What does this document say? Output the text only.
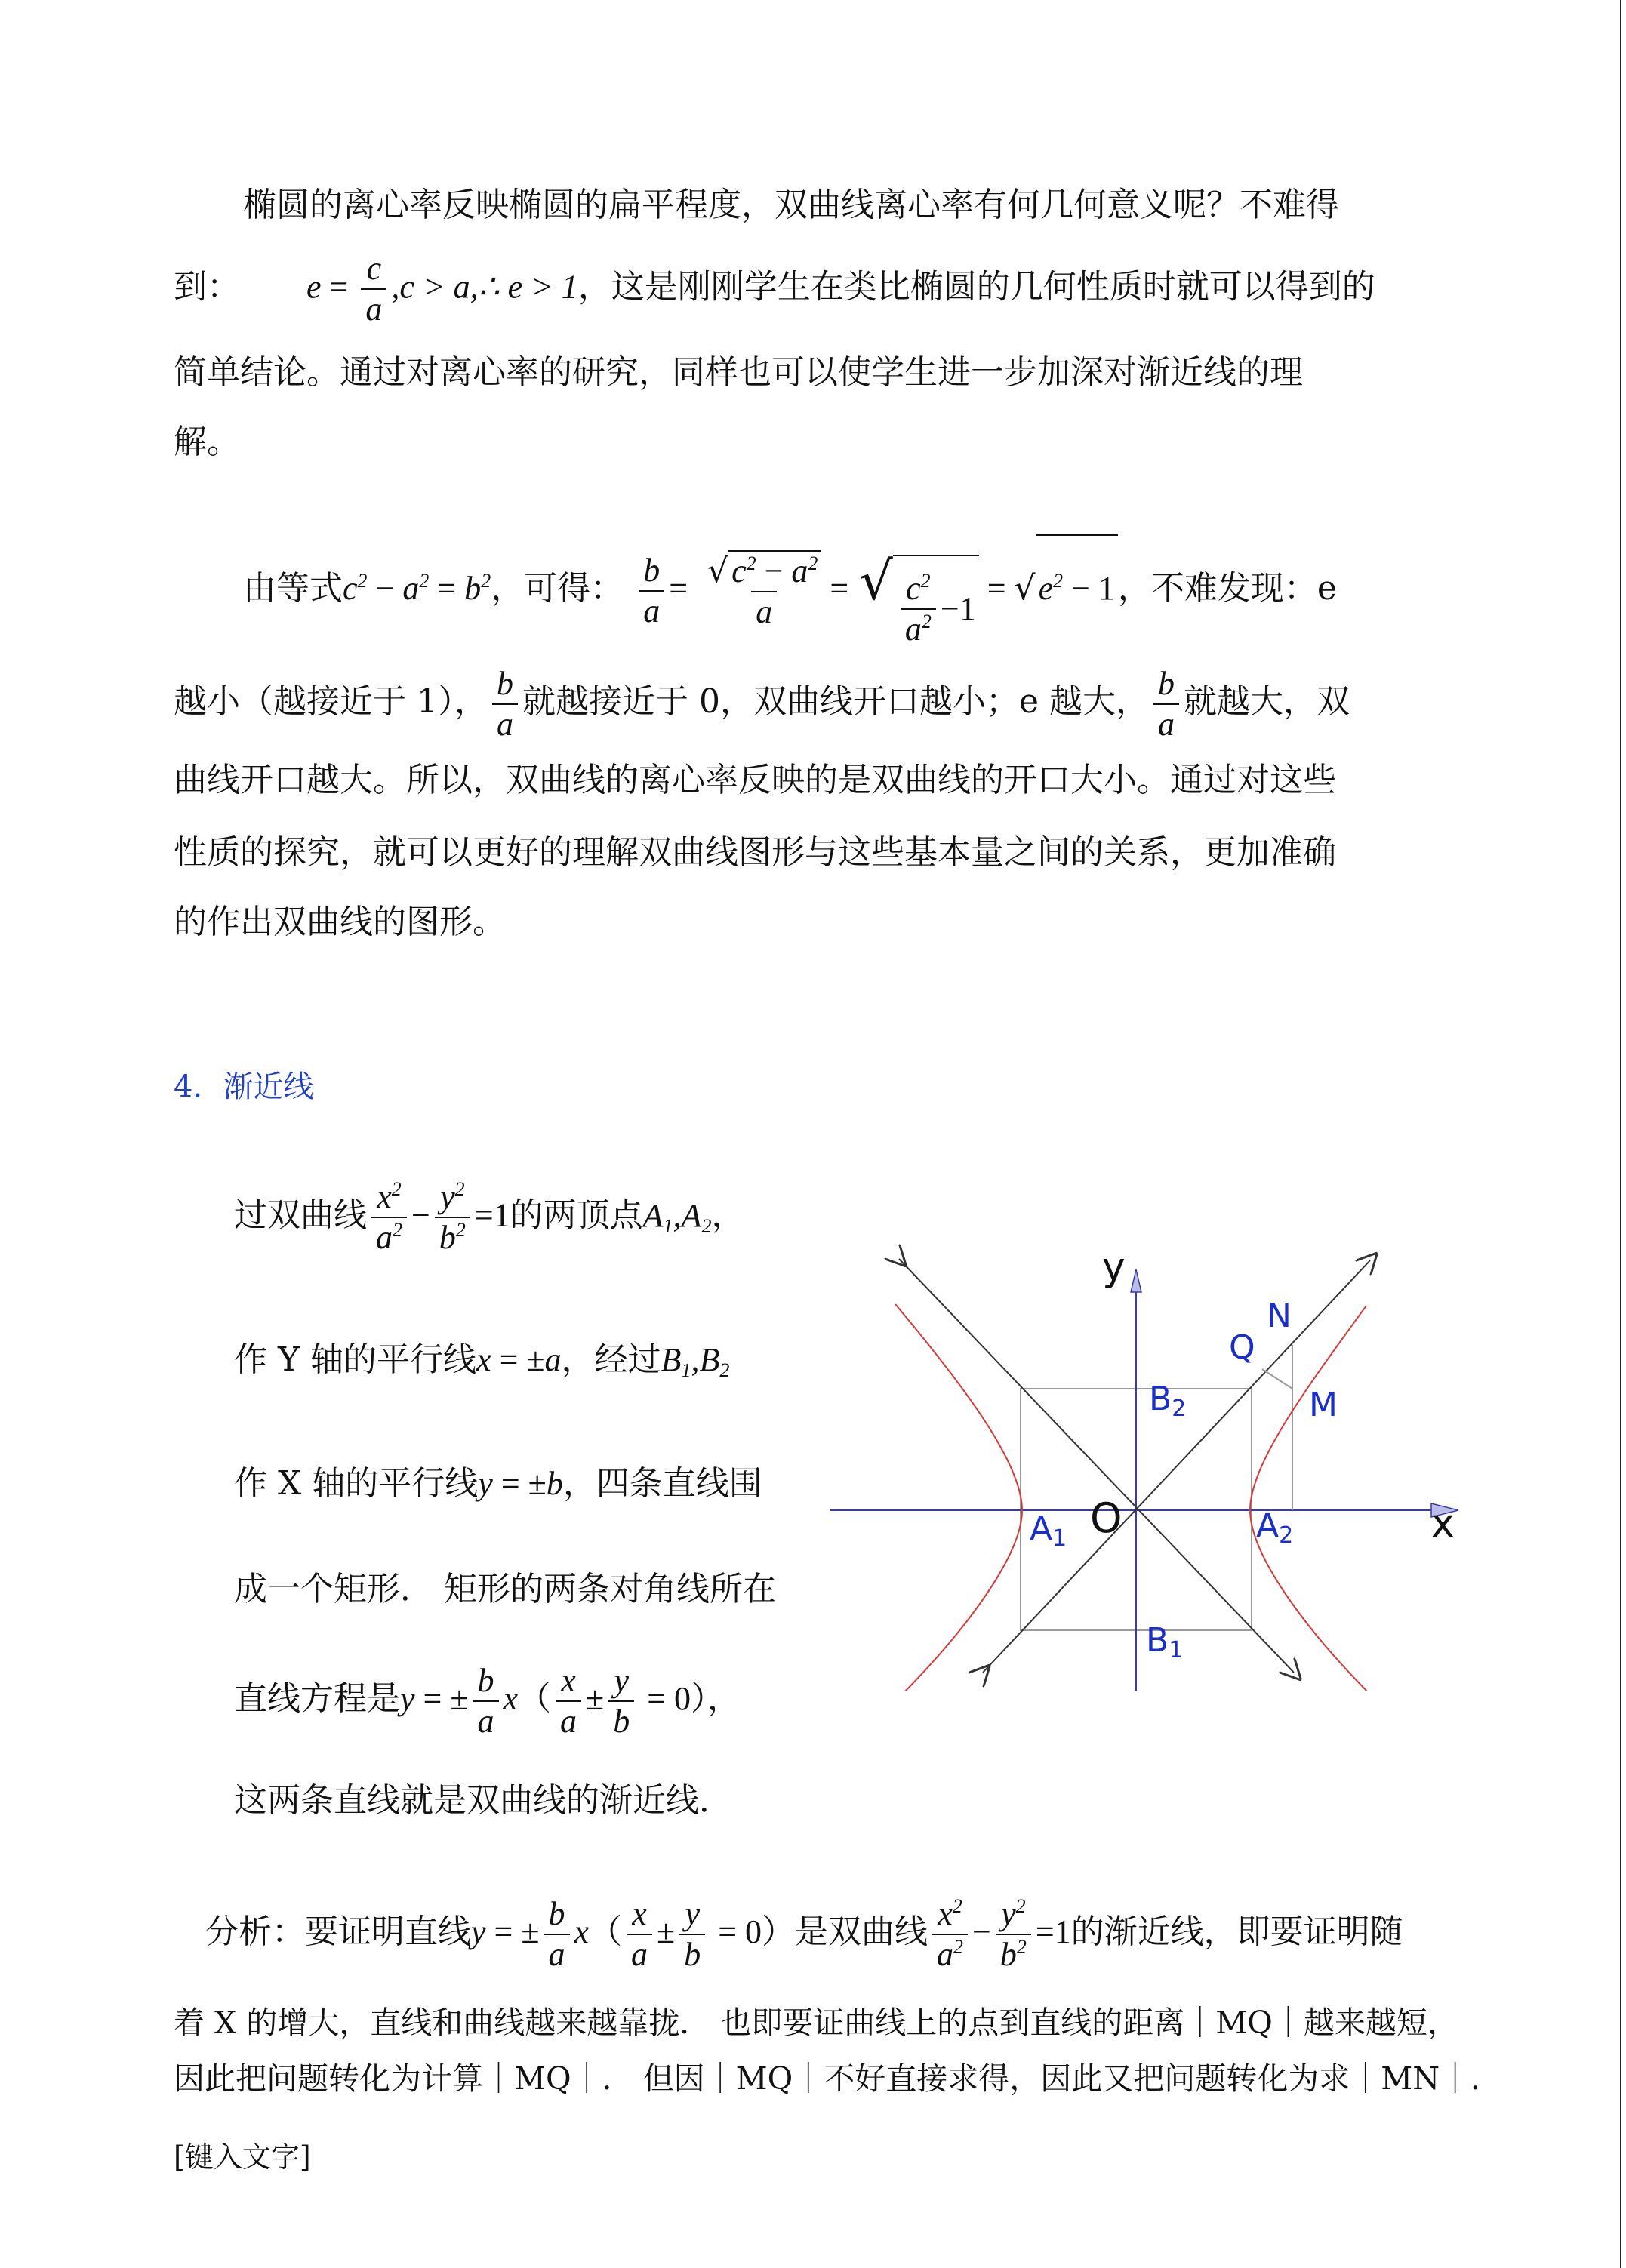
椭圆的离心率反映椭圆的扁平程度，双曲线离心率有何几何意义呢？不难得
到： $e = \frac{c}{a} ,c$ > a,∴ e > 1，这是刚刚学生在类比椭圆的几何性质时就可以得到的
简单结论。通过对离心率的研究，同样也可以使学生进一步加深对渐近线的理
解。
由等式$c^2 - a^2 = b^2$，可得： $\frac{b}{a} = \frac{√c^2 - a^2}{a}$ = √ $\frac{c^2}{a^2} - 1$
= $√e^2 - 1$，不难发现：e
越小（越接近于 1）， $\frac{b}{a}$ 就越接近于 0，双曲线开口越小；e 越大， $\frac{b}{a}$ 就越大，双
曲线开口越大。所以，双曲线的离心率反映的是双曲线的开口大小。通过对这些
性质的探究，就可以更好的理解双曲线图形与这些基本量之间的关系，更加准确
的作出双曲线的图形。
4．渐近线
过双曲线 $\frac{x^2}{a^2} - \frac{y^2}{b^2} =1$的两顶点$A_1,A_2$，
作 Y 轴的平行线x = ±a，经过$B_1,B_2$
作 X 轴的平行线y = ±b，四条直线围
成一个矩形． 矩形的两条对角线所在
直线方程是y = ± $\frac{b}{a} x( \frac{x}{a} \pm \frac{y}{b} = 0)$，
这两条直线就是双曲线的渐近线．
y
x
O
N
Q
M
B2
B1
A1	A2
分析：要证明直线y = ± $\frac{b}{a} x( \frac{x}{a} \pm \frac{y}{b} = 0)$是双曲线 $\frac{x^2}{a^2} - \frac{y^2}{b^2} =1$的渐近线，即要证明随
着 X 的增大，直线和曲线越来越靠拢． 也即要证曲线上的点到直线的距离｜MQ｜越来越短，
因此把问题转化为计算｜MQ｜． 但因｜MQ｜不好直接求得，因此又把问题转化为求｜MN｜．
[键入文字]
